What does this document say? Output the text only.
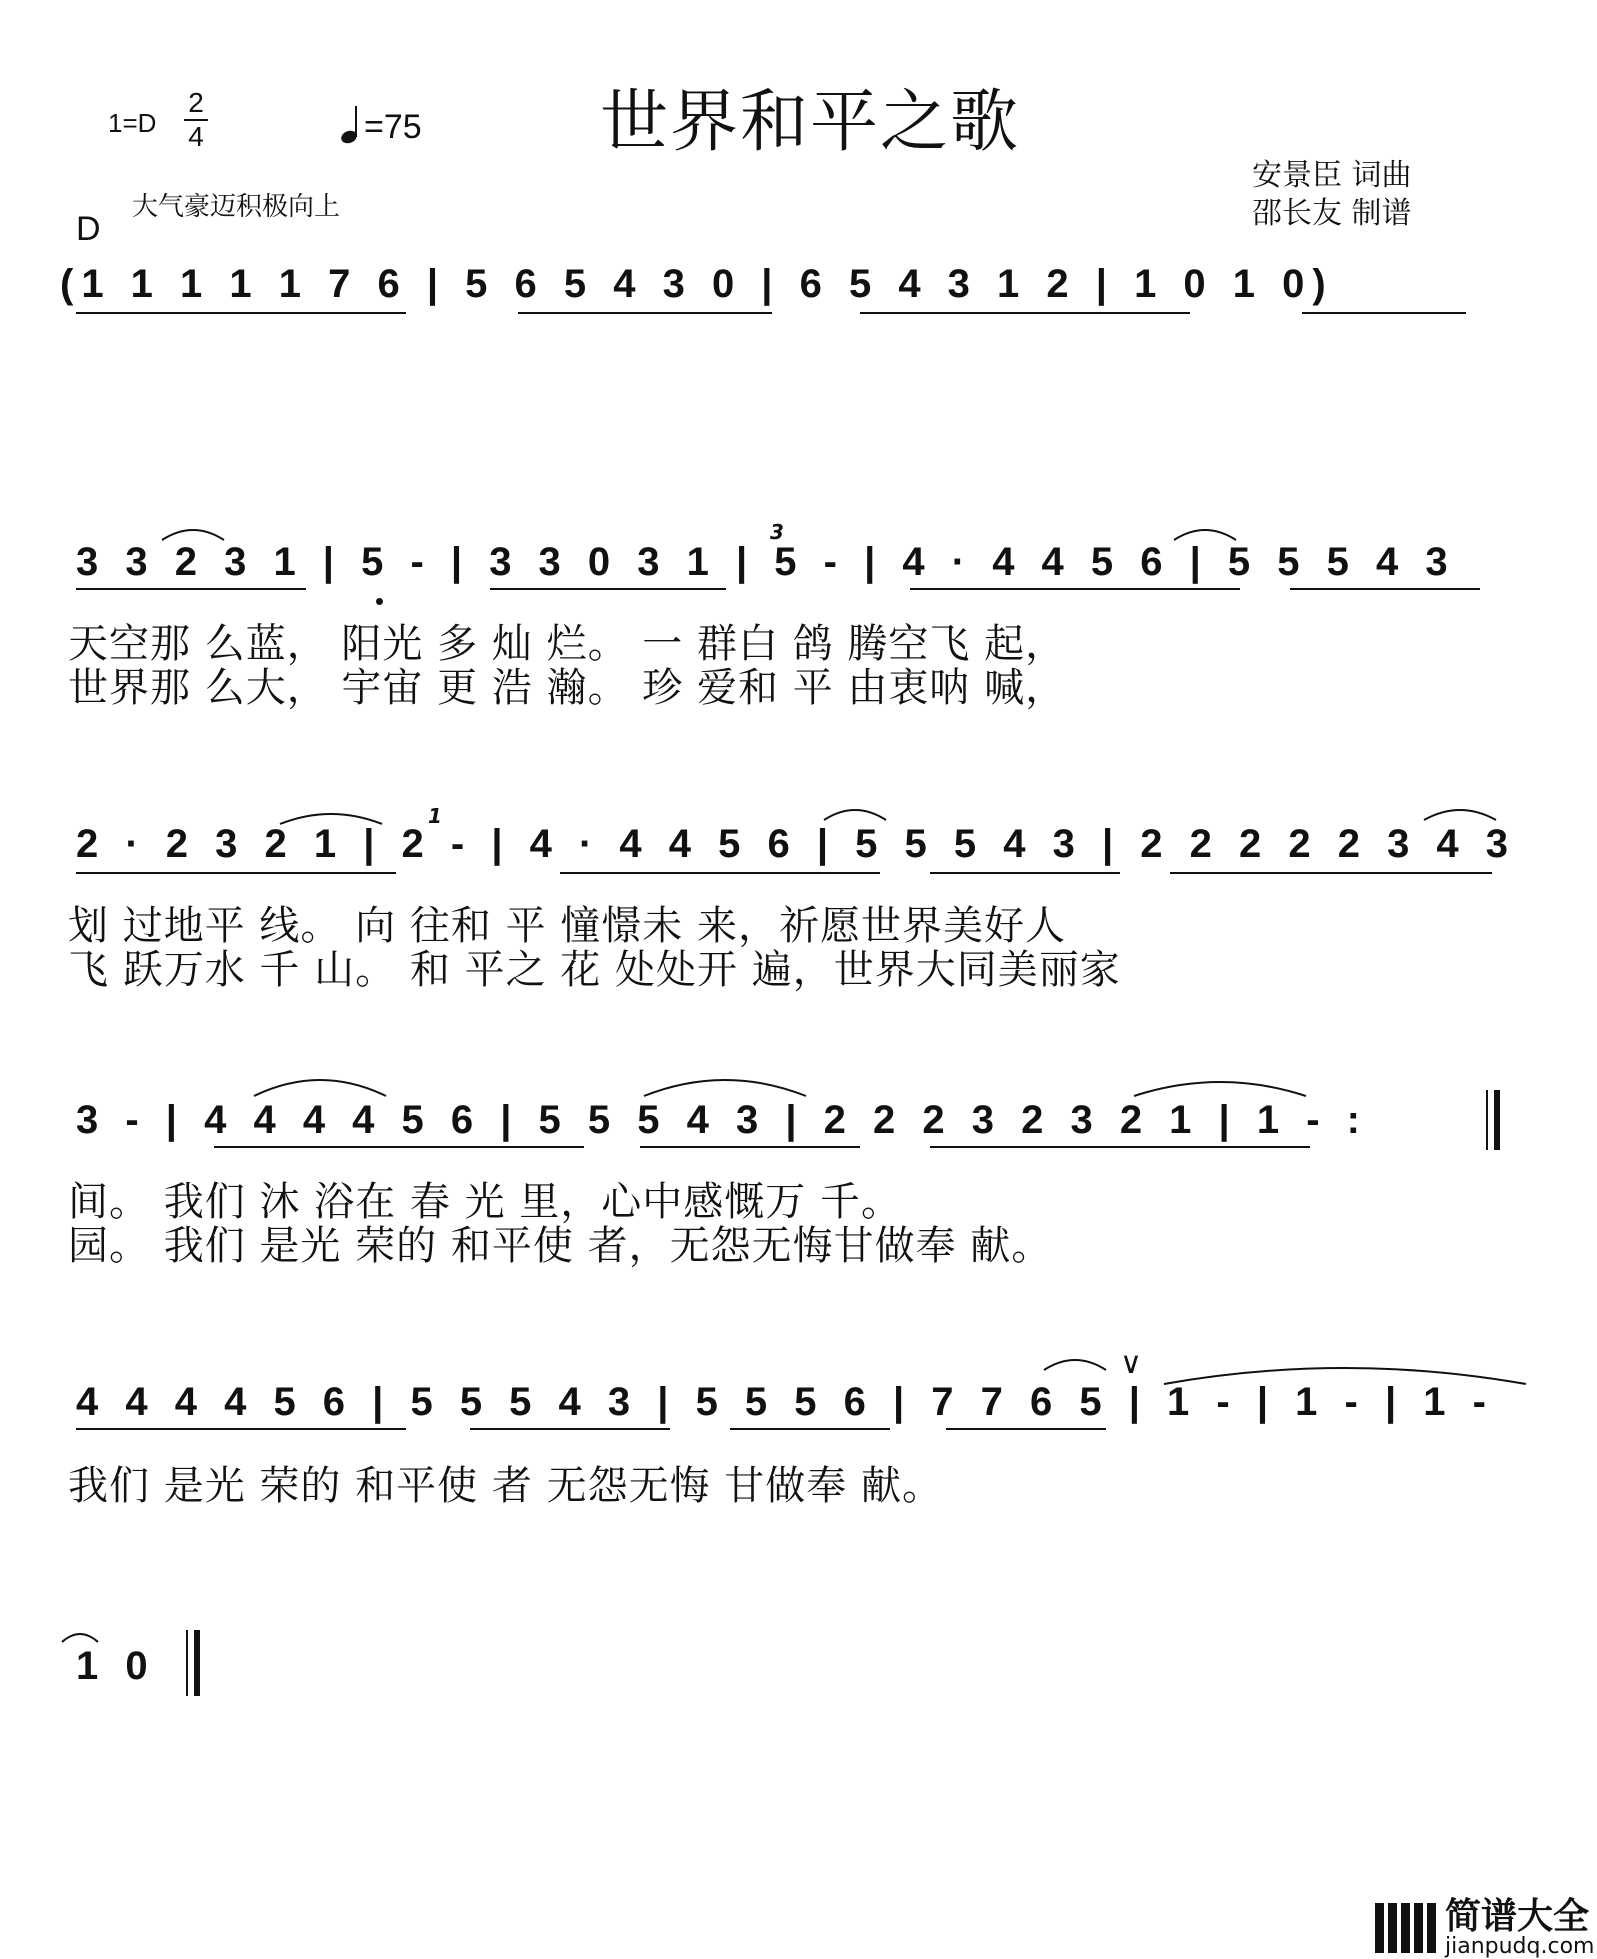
世界和平之歌
1=D
2
4	=75
大气豪迈积极向上
安景臣 词曲
邵长友 制谱
D
(1 1 1 1 1 7 6 | 5 6 5 4 3 0 | 6 5 4 3 1 2 | 1 0 1 0)
3 3 2 3 1 | 5 - | 3 3 0 3 1 | 5 - | 4 · 4 4 5 6 | 5 5 5 4 3
3
天空那 么蓝， 阳光 多 灿 烂。 一 群白 鸽 腾空飞 起，
世界那 么大， 宇宙 更 浩 瀚。 珍 爱和 平 由衷呐 喊，
2 · 2 3 2 1 | 2 - | 4 · 4 4 5 6 | 5 5 5 4 3 | 2 2 2 2 2 3 4 3
1
划 过地平 线。 向 往和 平 憧憬未 来，祈愿世界美好人
飞 跃万水 千 山。 和 平之 花 处处开 遍，世界大同美丽家
3 - | 4 4 4 4 5 6 | 5 5 5 4 3 | 2 2 2 3 2 3 2 1 | 1 - :
间。 我们 沐 浴在 春 光 里，心中感慨万 千。
园。 我们 是光 荣的 和平使 者，无怨无悔甘做奉 献。
4 4 4 4 5 6 | 5 5 5 4 3 | 5 5 5 6 | 7 7 6 5 | 1 - | 1 - | 1 -
∨
我们 是光 荣的 和平使 者 无怨无悔 甘做奉 献。
1 0
简谱大全
jianpudq.com
